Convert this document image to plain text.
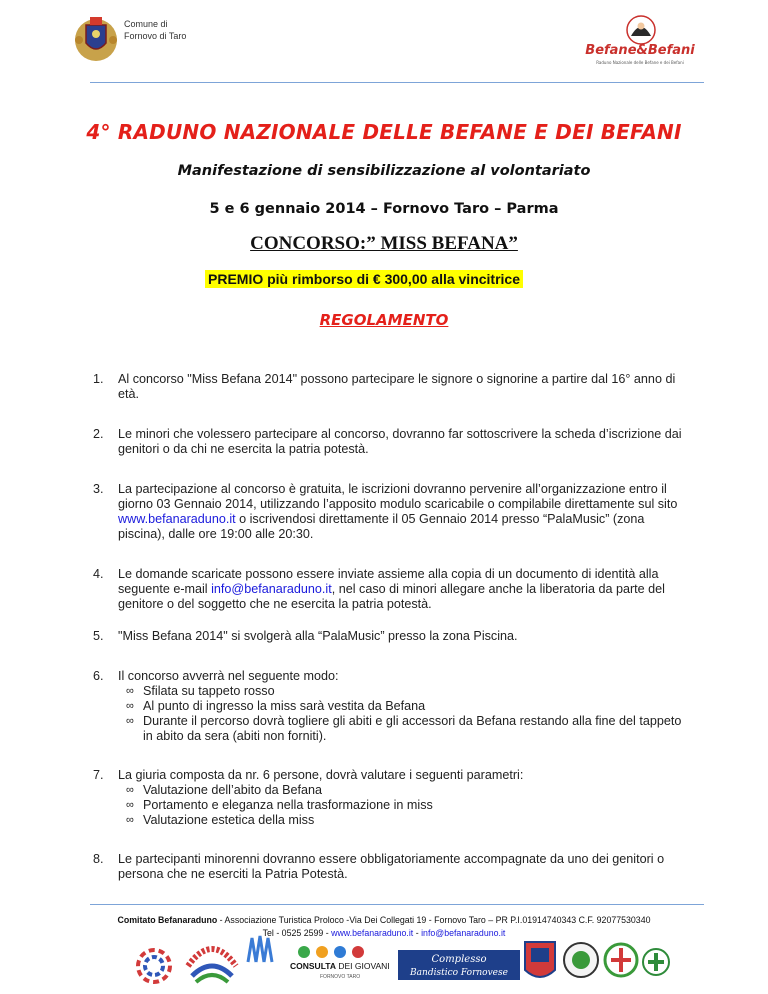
Comune di
Fornovo di Taro
Befane&Befani
Raduno Nazionale delle Befane e dei Befani
4° RADUNO NAZIONALE DELLE BEFANE E DEI BEFANI
Manifestazione di sensibilizzazione al volontariato
5 e 6 gennaio 2014 – Fornovo Taro – Parma
CONCORSO:” MISS BEFANA”
PREMIO più rimborso di € 300,00 alla vincitrice
REGOLAMENTO
1. Al concorso "Miss Befana 2014" possono partecipare le signore o signorine a partire dal 16° anno di età.
2. Le minori che volessero partecipare al concorso, dovranno far sottoscrivere la scheda d’iscrizione dai genitori o da chi ne esercita la patria potestà.
3. La partecipazione al concorso è gratuita, le iscrizioni dovranno pervenire all’organizzazione entro il giorno 03 Gennaio 2014, utilizzando l’apposito modulo scaricabile o compilabile direttamente sul sito www.befanaraduno.it o iscrivendosi direttamente il 05 Gennaio 2014 presso “PalaMusic” (zona piscina), dalle ore 19:00 alle 20:30.
4. Le domande scaricate possono essere inviate assieme alla copia di un documento di identità alla seguente e-mail info@befanaraduno.it, nel caso di minori allegare anche la liberatoria da parte del genitore o del soggetto che ne esercita la patria potestà.
5. "Miss Befana 2014" si svolgerà alla “PalaMusic” presso la zona Piscina.
6. Il concorso avverrà nel seguente modo:
∞ Sfilata su tappeto rosso
∞ Al punto di ingresso la miss sarà vestita da Befana
∞ Durante il percorso dovrà togliere gli abiti e gli accessori da Befana restando alla fine del tappeto in abito da sera (abiti non forniti).
7. La giuria composta da nr. 6 persone, dovrà valutare i seguenti parametri:
∞ Valutazione dell’abito da Befana
∞ Portamento e eleganza nella trasformazione in miss
∞ Valutazione estetica della miss
8. Le partecipanti minorenni dovranno essere obbligatoriamente accompagnate da uno dei genitori o persona che ne eserciti la Patria Potestà.
Comitato Befanaraduno - Associazione Turistica Proloco -Via Dei Collegati 19 - Fornovo Taro – PR P.I.01914740343 C.F. 92077530340
Tel - 0525 2599 - www.befanaraduno.it - info@befanaraduno.it
CONSULTA DEI GIOVANI
FORNOVO TARO
Complesso
Bandistico Fornovese
